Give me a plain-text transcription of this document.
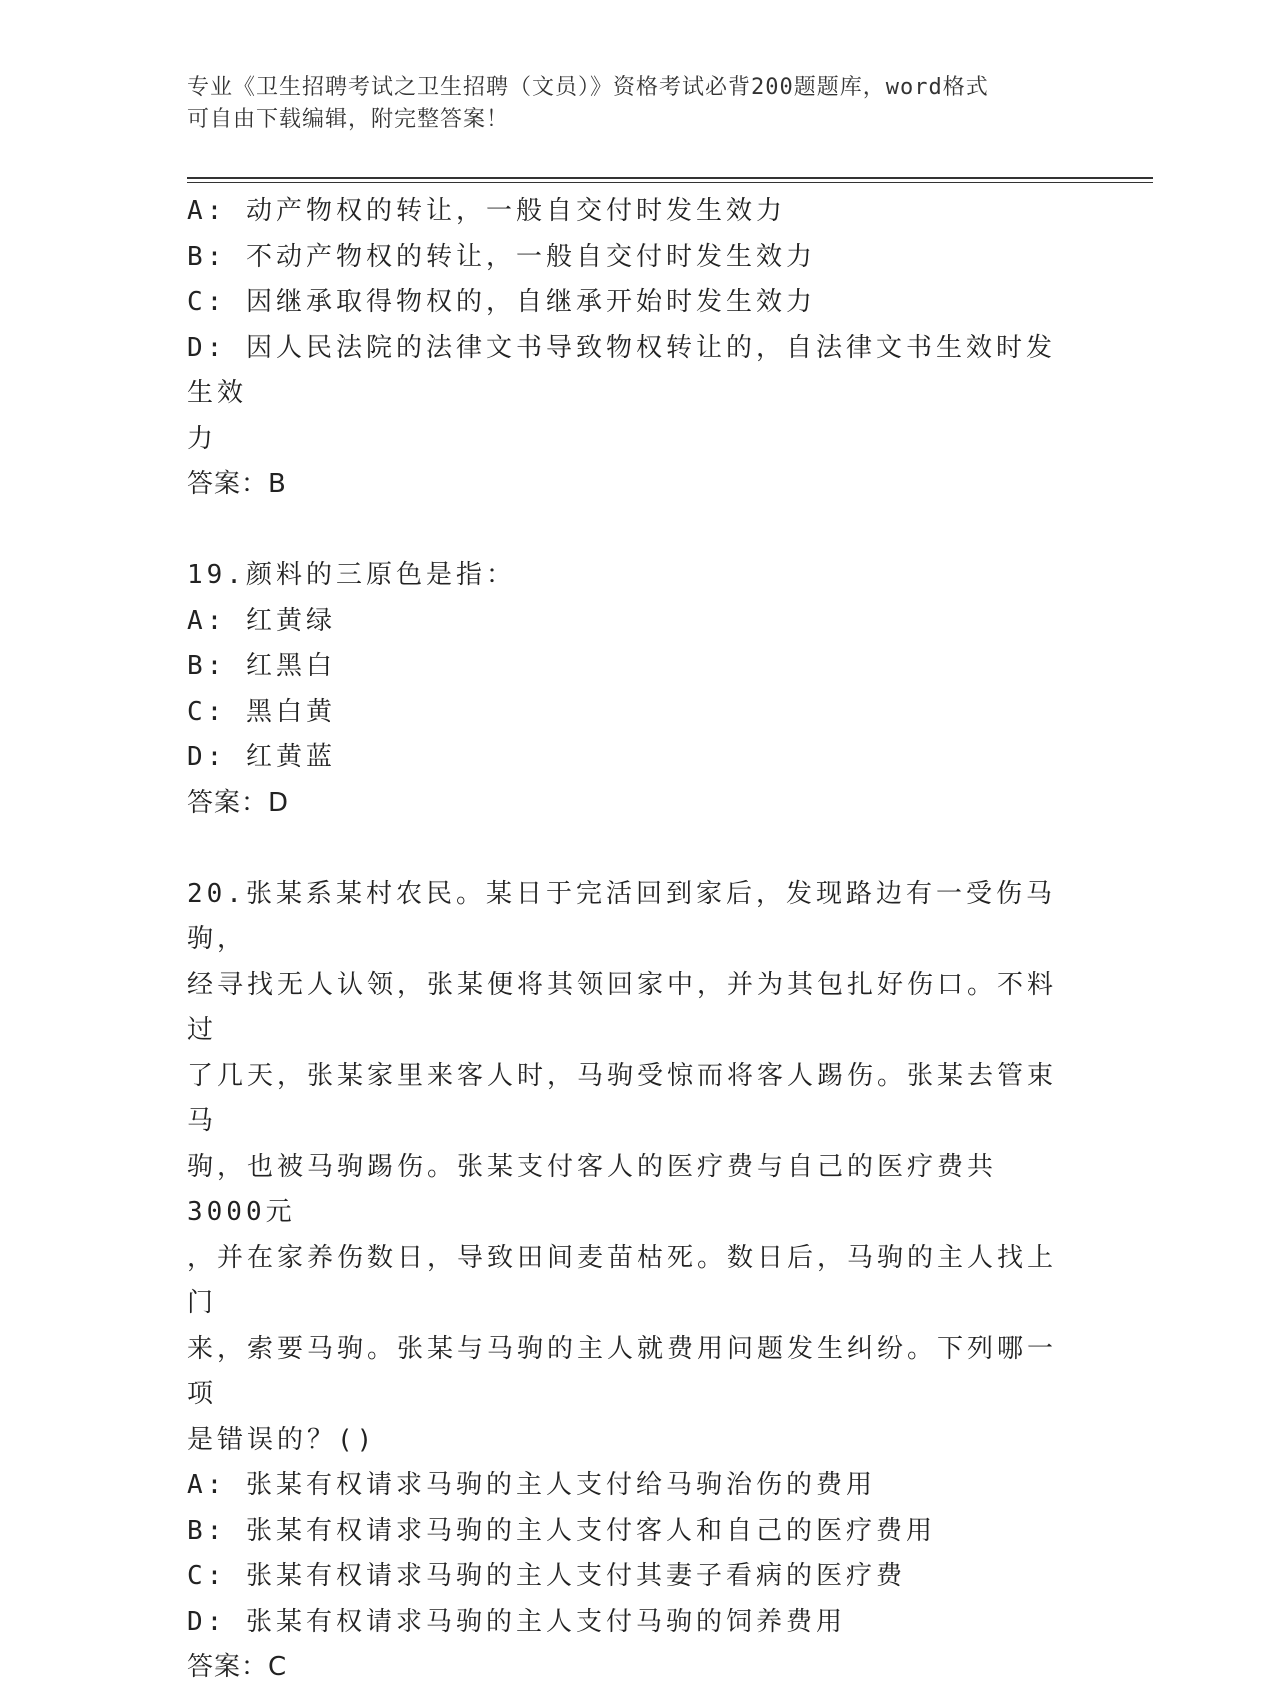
专业《卫生招聘考试之卫生招聘（文员）》资格考试必背200题题库，word格式

可自由下载编辑，附完整答案！

A: 动产物权的转让，一般自交付时发生效力

B: 不动产物权的转让，一般自交付时发生效力

C: 因继承取得物权的，自继承开始时发生效力

D: 因人民法院的法律文书导致物权转让的，自法律文书生效时发生效

力

答案：B

19.颜料的三原色是指：

A: 红黄绿

B: 红黑白

C: 黑白黄

D: 红黄蓝

答案：D

20.张某系某村农民。某日于完活回到家后，发现路边有一受伤马驹，

经寻找无人认领，张某便将其领回家中，并为其包扎好伤口。不料过

了几天，张某家里来客人时，马驹受惊而将客人踢伤。张某去管束马

驹，也被马驹踢伤。张某支付客人的医疗费与自己的医疗费共3000元

，并在家养伤数日，导致田间麦苗枯死。数日后，马驹的主人找上门

来，索要马驹。张某与马驹的主人就费用问题发生纠纷。下列哪一项

是错误的？()

A: 张某有权请求马驹的主人支付给马驹治伤的费用

B: 张某有权请求马驹的主人支付客人和自己的医疗费用

C: 张某有权请求马驹的主人支付其妻子看病的医疗费

D: 张某有权请求马驹的主人支付马驹的饲养费用

答案：C
